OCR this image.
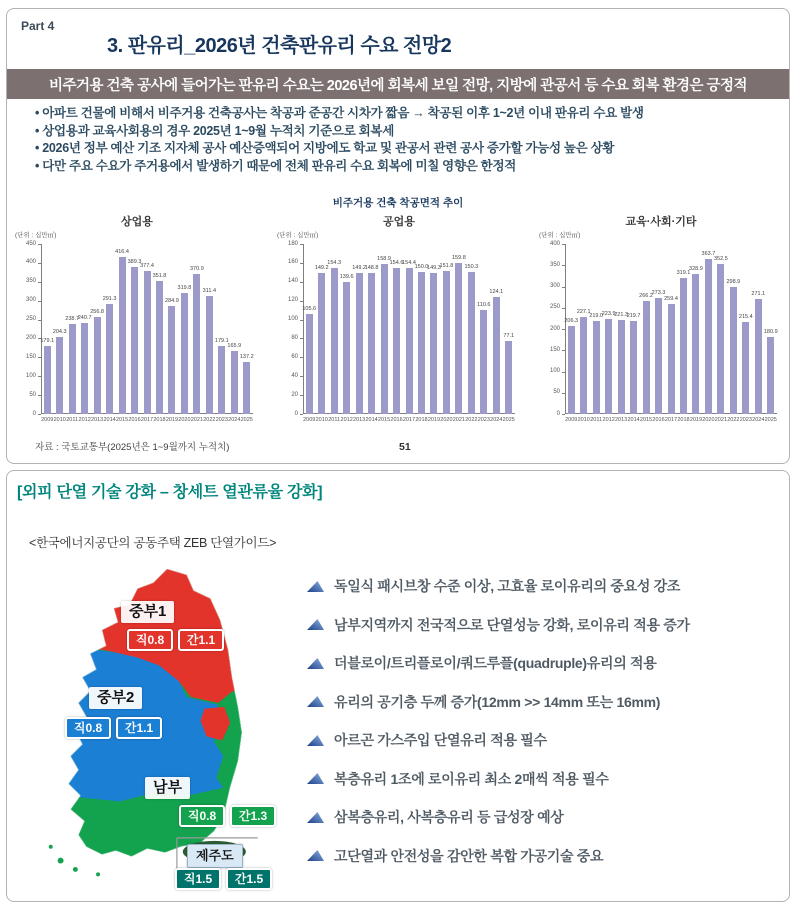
Part 4
3. 판유리_2026년 건축판유리 수요 전망2
비주거용 건축 공사에 들어가는 판유리 수요는 2026년에 회복세 보일 전망, 지방에 관공서 등 수요 회복 환경은 긍정적
• 아파트 건물에 비해서 비주거용 건축공사는 착공과 준공간 시차가 짧음 → 착공된 이후 1~2년 이내 판유리 수요 발생
• 상업용과 교육사회용의 경우 2025년 1~9월 누적치 기준으로 회복세
• 2026년 정부 예산 기조 지자체 공사 예산증액되어 지방에도 학교 및 관공서 관련 공사 증가할 가능성 높은 상황
• 다만 주요 수요가 주거용에서 발생하기 때문에 전체 판유리 수요 회복에 미칠 영향은 한정적
비주거용 건축 착공면적 추이
상업용
(단위 : 십만㎡)
0
50
100
150
200
250
300
350
400
450
179.1
2009
204.3
2010
238.7
2011
240.7
2012
256.8
2013
291.3
2014
416.4
2015
389.3
2016
377.4
2017
351.8
2018
284.9
2019
319.8
2020
370.9
2021
311.4
2022
179.1
2023
165.9
2024
137.2
2025
공업용
(단위 : 십만㎡)
0
20
40
60
80
100
120
140
160
180
105.6
2009
149.2
2010
154.3
2011
139.6
2012
149.2
2013
148.8
2014
158.9
2015
154.6
2016
154.4
2017
150.0
2018
149.3
2019
151.8
2020
159.8
2021
150.3
2022
110.6
2023
124.1
2024
77.1
2025
교육·사회·기타
(단위 : 십만㎡)
0
50
100
150
200
250
300
350
400
206.3
2009
227.1
2010
219.0
2011
223.9
2012
221.3
2013
219.7
2014
266.2
2015
273.3
2016
259.4
2017
319.1
2018
328.9
2019
363.7
2020
352.5
2021
298.9
2022
215.4
2023
271.1
2024
180.9
2025
자료 : 국토교통부(2025년은 1~9월까지 누적치)	51
[외피 단열 기술 강화 – 창세트 열관류율 강화]
<한국에너지공단의 공동주택 ZEB 단열가이드>
중부1
직0.8	간1.1
중부2
직0.8	간1.1
남부
직0.8	간1.3
제주도
직1.5	간1.5
독일식 패시브창 수준 이상, 고효율 로이유리의 중요성 강조
남부지역까지 전국적으로 단열성능 강화, 로이유리 적용 증가
더블로이/트리플로이/쿼드루플(quadruple)유리의 적용
유리의 공기층 두께 증가(12mm >> 14mm 또는 16mm)
아르곤 가스주입 단열유리 적용 필수
복층유리 1조에 로이유리 최소 2매씩 적용 필수
삼복층유리, 사복층유리 등 급성장 예상
고단열과 안전성을 감안한 복합 가공기술 중요
